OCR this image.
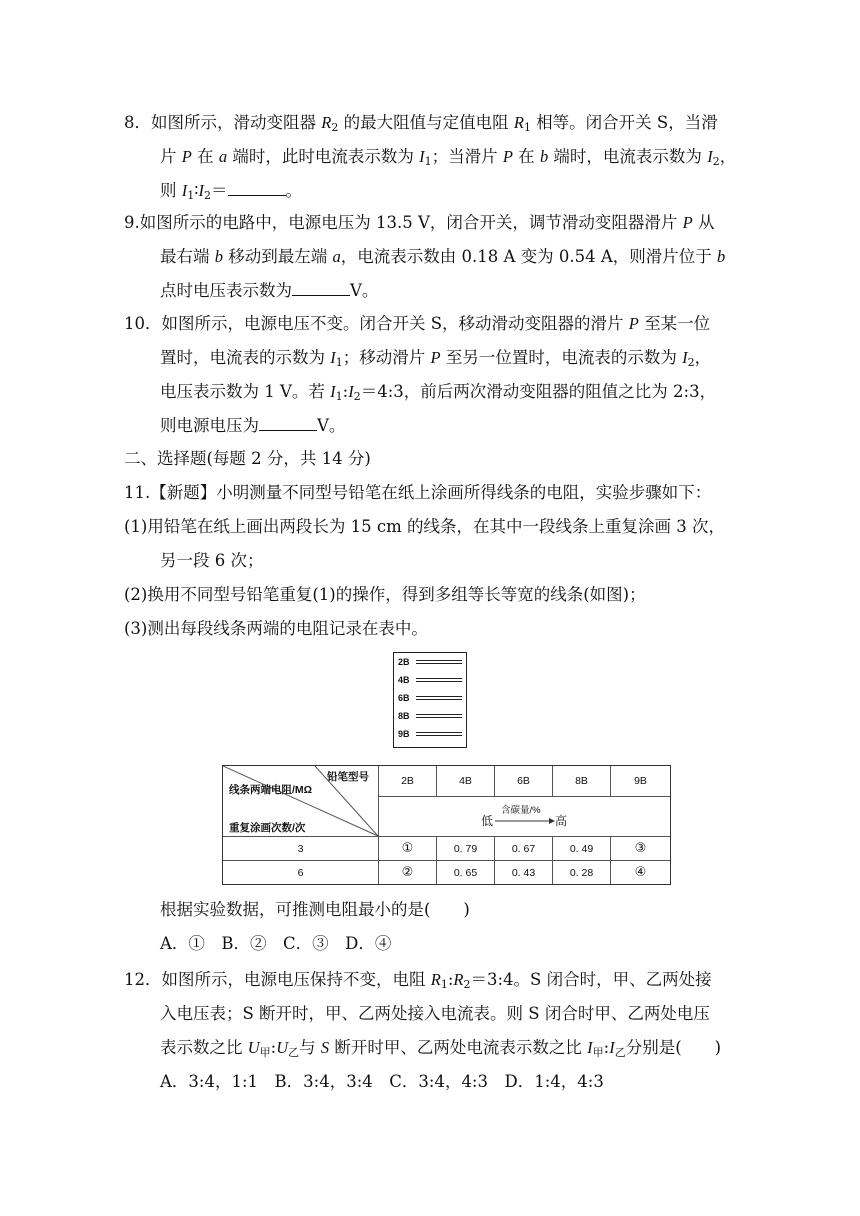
8．如图所示，滑动变阻器 $R_2$ 的最大阻值与定值电阻 $R_1$ 相等。闭合开关 S，当滑
片 P 在 a 端时，此时电流表示数为 $I_1$；当滑片 P 在 b 端时，电流表示数为 $I_2$，
则 $I_1∶I_2=$	。
9.如图所示的电路中，电源电压为 13.5 V，闭合开关，调节滑动变阻器滑片 P 从
最右端 b 移动到最左端 a，电流表示数由 0.18 A 变为 0.54 A，则滑片位于 b
点时电压表示数为	V。
10．如图所示，电源电压不变。闭合开关 S，移动滑动变阻器的滑片 P 至某一位
置时，电流表的示数为 $I_1$；移动滑片 P 至另一位置时，电流表的示数为 $I_2$，
电压表示数为 1 V。若 $I_1:I_2=4:3$，前后两次滑动变阻器的阻值之比为 2:3，
则电源电压为	V。
二、选择题(每题 2 分，共 14 分)
11.【新题】小明测量不同型号铅笔在纸上涂画所得线条的电阻，实验步骤如下：
(1)用铅笔在纸上画出两段长为 15 cm 的线条，在其中一段线条上重复涂画 3 次，
另一段 6 次；
(2)换用不同型号铅笔重复(1)的操作，得到多组等长等宽的线条(如图)；
(3)测出每段线条两端的电阻记录在表中。
2B
4B
6B
8B
9B
铅笔型号
线条两端电阻/MΩ
重复涂画次数/次
2B	4B	6B	8B	9B
低
含碳量/%
高
3	①	0. 79	0. 67	0. 49	③
6	②	0. 65	0. 43	0. 28	④
根据实验数据，可推测电阻最小的是(　　)
A．①　B．②　C．③　D．④
12．如图所示，电源电压保持不变，电阻 $R_1:R_2=3:4$。S 闭合时，甲、乙两处接
入电压表；S 断开时，甲、乙两处接入电流表。则 S 闭合时甲、乙两处电压
表示数之比 $U_甲:U_乙$与 S 断开时甲、乙两处电流表示数之比 $I_甲:I_乙$分别是(　　)
A．3:4，1:1　B．3:4，3:4　C．3:4，4:3　D．1:4，4:3
